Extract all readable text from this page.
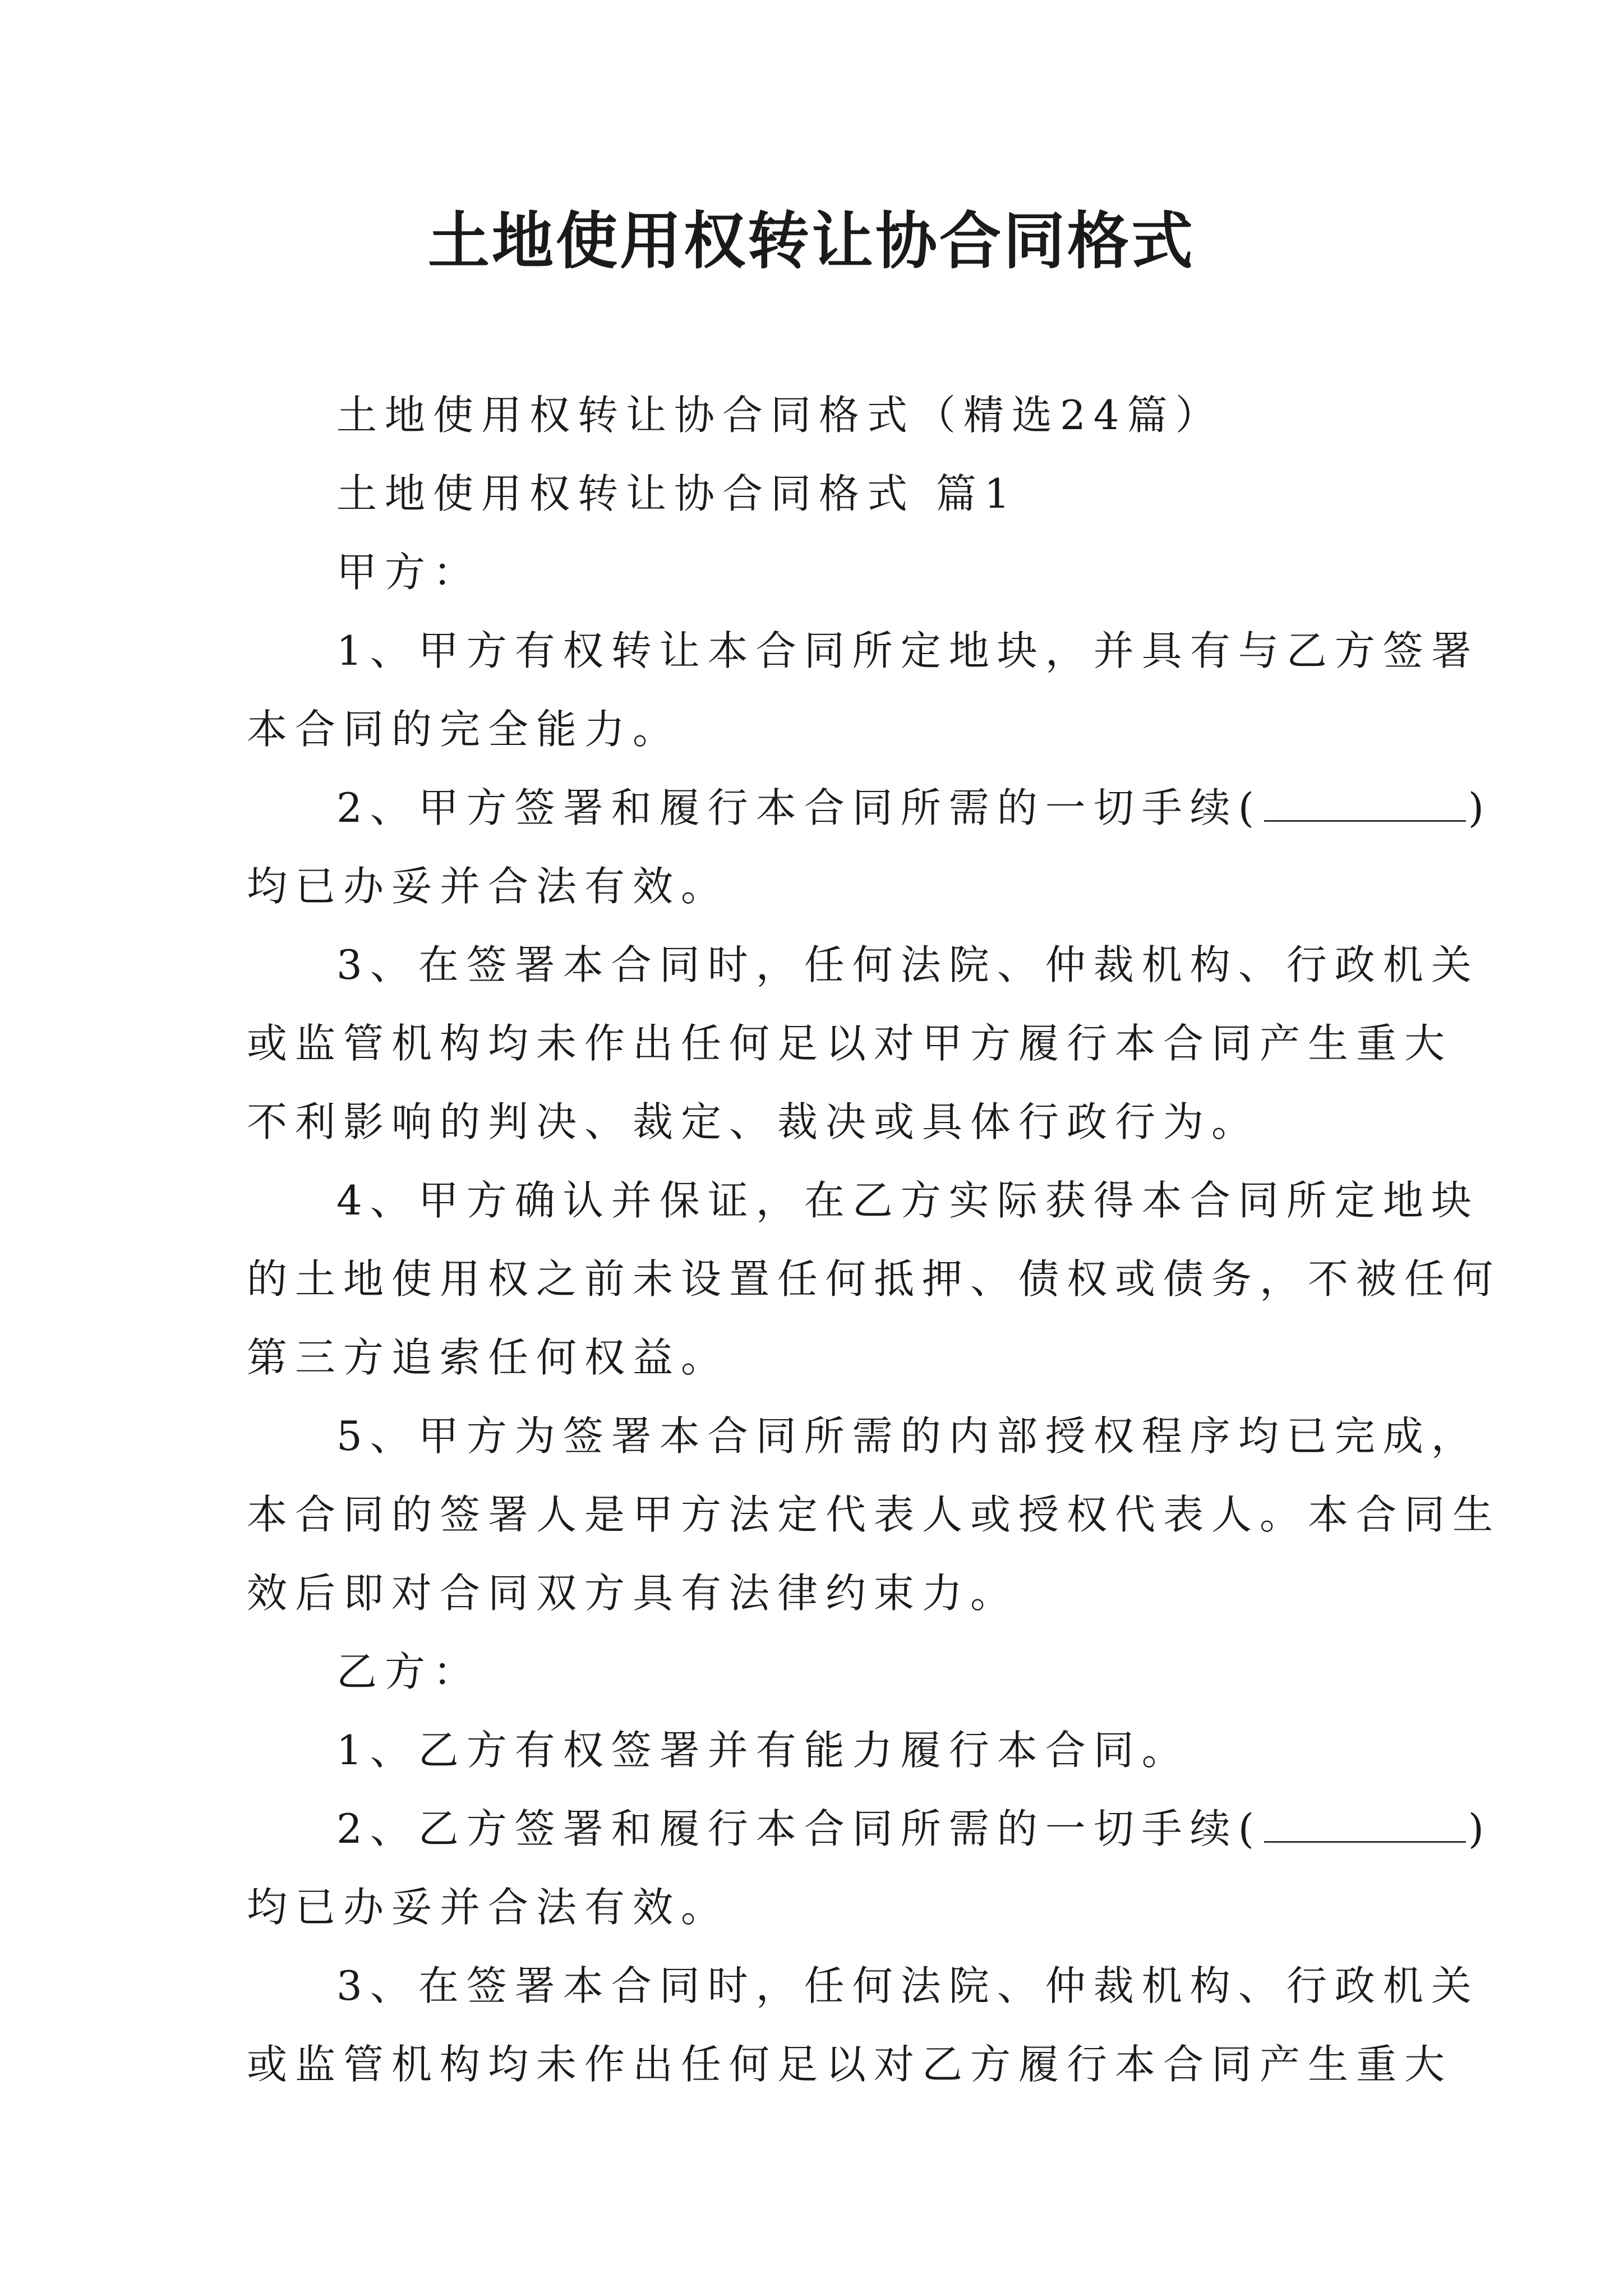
土地使用权转让协合同格式
土地使用权转让协合同格式（精选24篇）
土地使用权转让协合同格式 篇1
甲方：
1、甲方有权转让本合同所定地块，并具有与乙方签署
本合同的完全能力。
2、甲方签署和履行本合同所需的一切手续(	)
均已办妥并合法有效。
3、在签署本合同时，任何法院、仲裁机构、行政机关
或监管机构均未作出任何足以对甲方履行本合同产生重大
不利影响的判决、裁定、裁决或具体行政行为。
4、甲方确认并保证，在乙方实际获得本合同所定地块
的土地使用权之前未设置任何抵押、债权或债务，不被任何
第三方追索任何权益。
5、甲方为签署本合同所需的内部授权程序均已完成，
本合同的签署人是甲方法定代表人或授权代表人。本合同生
效后即对合同双方具有法律约束力。
乙方：
1、乙方有权签署并有能力履行本合同。
2、乙方签署和履行本合同所需的一切手续(	)
均已办妥并合法有效。
3、在签署本合同时，任何法院、仲裁机构、行政机关
或监管机构均未作出任何足以对乙方履行本合同产生重大
